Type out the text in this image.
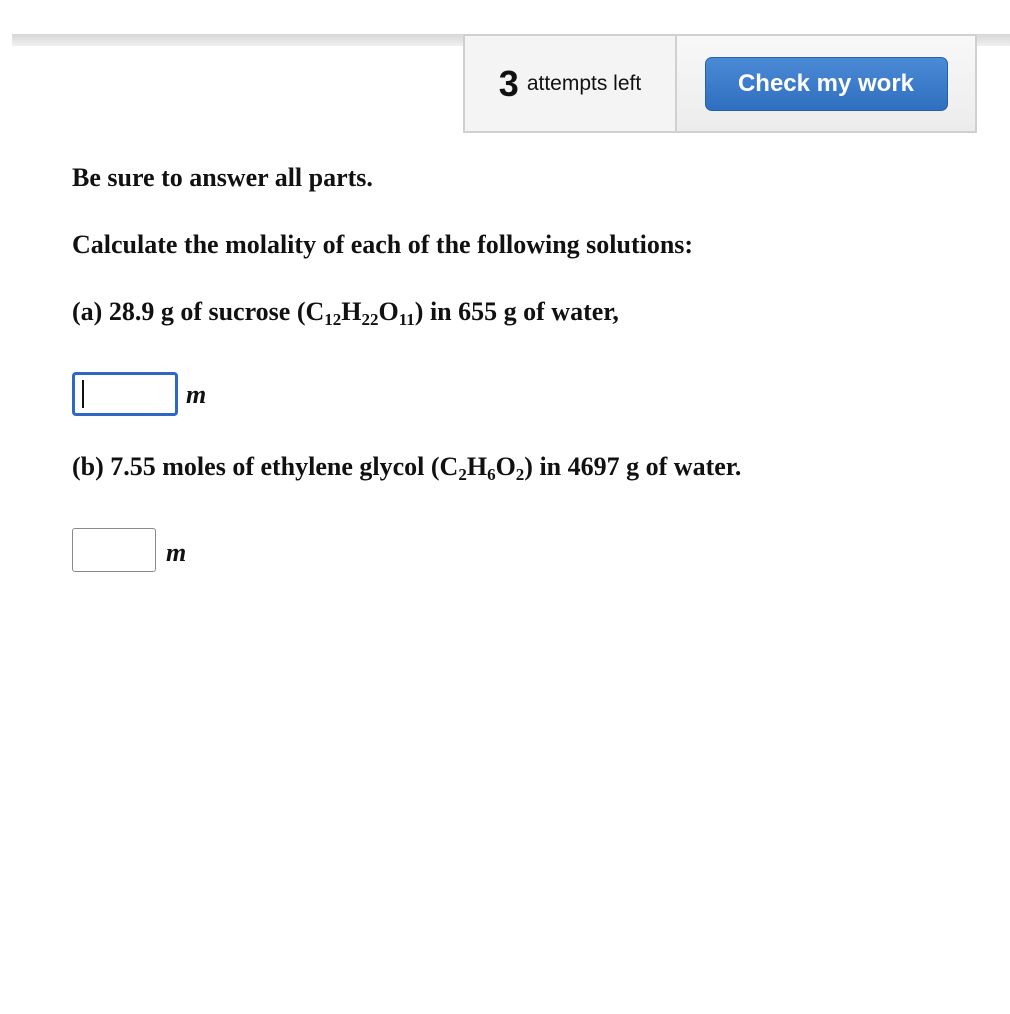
3 attempts left	Check my work
Be sure to answer all parts.
Calculate the molality of each of the following solutions:
(a) 28.9 g of sucrose $(C_{12}H_{22}O_{11})$ in 655 g of water,
m
(b) 7.55 moles of ethylene glycol $(C_2H_6O_2)$ in 4697 g of water.
m
